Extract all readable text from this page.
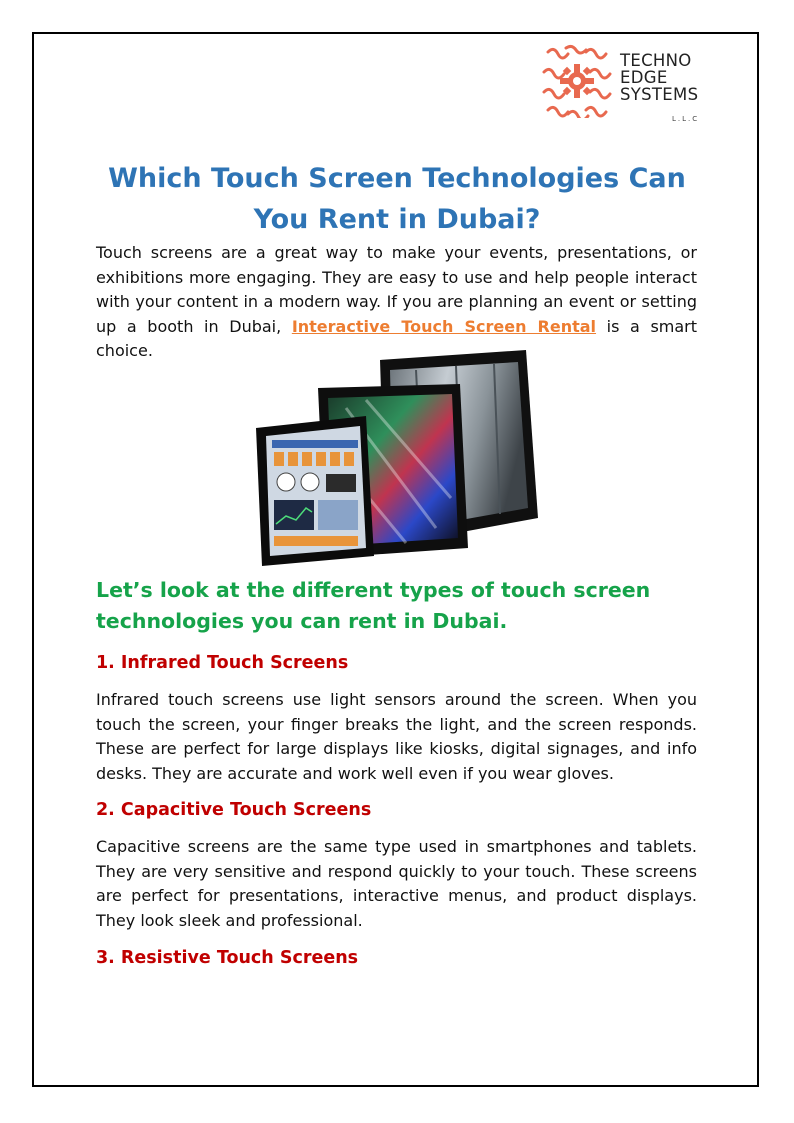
TECHNO
EDGE
SYSTEMS
L.L.C
Which Touch Screen Technologies Can You Rent in Dubai?

Touch screens are a great way to make your events, presentations, or exhibitions more engaging. They are easy to use and help people interact with your content in a modern way. If you are planning an event or setting up a booth in Dubai, Interactive Touch Screen Rental is a smart choice.

Let’s look at the different types of touch screen technologies you can rent in Dubai.
1. Infrared Touch Screens

Infrared touch screens use light sensors around the screen. When you touch the screen, your finger breaks the light, and the screen responds. These are perfect for large displays like kiosks, digital signages, and info desks. They are accurate and work well even if you wear gloves.

2. Capacitive Touch Screens

Capacitive screens are the same type used in smartphones and tablets. They are very sensitive and respond quickly to your touch. These screens are perfect for presentations, interactive menus, and product displays. They look sleek and professional.

3. Resistive Touch Screens
